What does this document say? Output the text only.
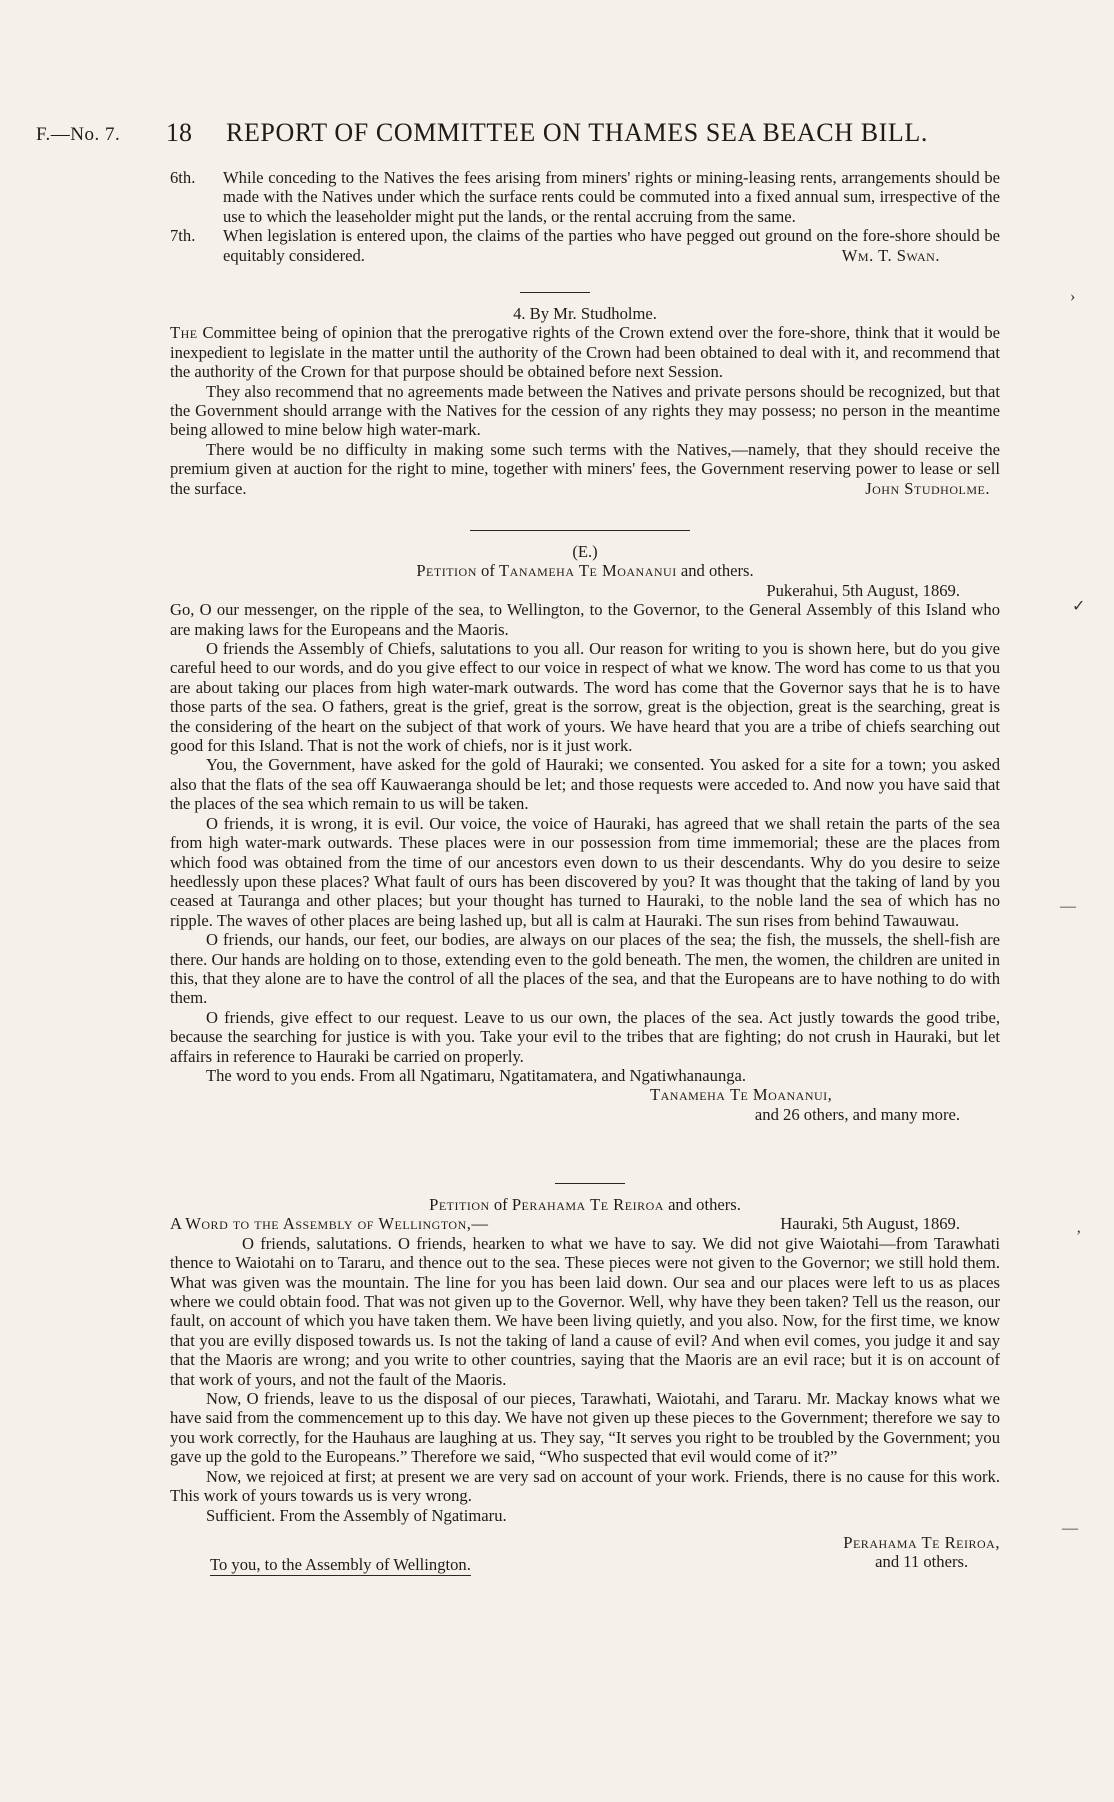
F.—No. 7. 18 REPORT OF COMMITTEE ON THAMES SEA BEACH BILL.

6th. While conceding to the Natives the fees arising from miners' rights or mining-leasing rents, arrangements should be made with the Natives under which the surface rents could be commuted into a fixed annual sum, irrespective of the use to which the leaseholder might put the lands, or the rental accruing from the same.

7th. When legislation is entered upon, the claims of the parties who have pegged out ground on the fore-shore should be equitably considered.	Wm. T. Swan.

4. By Mr. Studholme.

The Committee being of opinion that the prerogative rights of the Crown extend over the fore-shore, think that it would be inexpedient to legislate in the matter until the authority of the Crown had been obtained to deal with it, and recommend that the authority of the Crown for that purpose should be obtained before next Session.

They also recommend that no agreements made between the Natives and private persons should be recognized, but that the Government should arrange with the Natives for the cession of any rights they may possess; no person in the meantime being allowed to mine below high water-mark.

There would be no difficulty in making some such terms with the Natives,—namely, that they should receive the premium given at auction for the right to mine, together with miners' fees, the Government reserving power to lease or sell the surface.	John Studholme.

(E.)

Petition of Tanameha Te Moananui and others.

Pukerahui, 5th August, 1869.

Go, O our messenger, on the ripple of the sea, to Wellington, to the Governor, to the General Assembly of this Island who are making laws for the Europeans and the Maoris.

O friends the Assembly of Chiefs, salutations to you all. Our reason for writing to you is shown here, but do you give careful heed to our words, and do you give effect to our voice in respect of what we know. The word has come to us that you are about taking our places from high water-mark outwards. The word has come that the Governor says that he is to have those parts of the sea. O fathers, great is the grief, great is the sorrow, great is the objection, great is the searching, great is the considering of the heart on the subject of that work of yours. We have heard that you are a tribe of chiefs searching out good for this Island. That is not the work of chiefs, nor is it just work.

You, the Government, have asked for the gold of Hauraki; we consented. You asked for a site for a town; you asked also that the flats of the sea off Kauwaeranga should be let; and those requests were acceded to. And now you have said that the places of the sea which remain to us will be taken.

O friends, it is wrong, it is evil. Our voice, the voice of Hauraki, has agreed that we shall retain the parts of the sea from high water-mark outwards. These places were in our possession from time immemorial; these are the places from which food was obtained from the time of our ancestors even down to us their descendants. Why do you desire to seize heedlessly upon these places? What fault of ours has been discovered by you? It was thought that the taking of land by you ceased at Tauranga and other places; but your thought has turned to Hauraki, to the noble land the sea of which has no ripple. The waves of other places are being lashed up, but all is calm at Hauraki. The sun rises from behind Tawauwau.

O friends, our hands, our feet, our bodies, are always on our places of the sea; the fish, the mussels, the shell-fish are there. Our hands are holding on to those, extending even to the gold beneath. The men, the women, the children are united in this, that they alone are to have the control of all the places of the sea, and that the Europeans are to have nothing to do with them.

O friends, give effect to our request. Leave to us our own, the places of the sea. Act justly towards the good tribe, because the searching for justice is with you. Take your evil to the tribes that are fighting; do not crush in Hauraki, but let affairs in reference to Hauraki be carried on properly.

The word to you ends. From all Ngatimaru, Ngatitamatera, and Ngatiwhanaunga.

Tanameha Te Moananui,

and 26 others, and many more.

Petition of Perahama Te Reiroa and others.

A Word to the Assembly of Wellington,—	Hauraki, 5th August, 1869.

O friends, salutations. O friends, hearken to what we have to say. We did not give Waiotahi—from Tarawhati thence to Waiotahi on to Tararu, and thence out to the sea. These pieces were not given to the Governor; we still hold them. What was given was the mountain. The line for you has been laid down. Our sea and our places were left to us as places where we could obtain food. That was not given up to the Governor. Well, why have they been taken? Tell us the reason, our fault, on account of which you have taken them. We have been living quietly, and you also. Now, for the first time, we know that you are evilly disposed towards us. Is not the taking of land a cause of evil? And when evil comes, you judge it and say that the Maoris are wrong; and you write to other countries, saying that the Maoris are an evil race; but it is on account of that work of yours, and not the fault of the Maoris.

Now, O friends, leave to us the disposal of our pieces, Tarawhati, Waiotahi, and Tararu. Mr. Mackay knows what we have said from the commencement up to this day. We have not given up these pieces to the Government; therefore we say to you work correctly, for the Hauhaus are laughing at us. They say, “It serves you right to be troubled by the Government; you gave up the gold to the Europeans.” Therefore we said, “Who suspected that evil would come of it?”

Now, we rejoiced at first; at present we are very sad on account of your work. Friends, there is no cause for this work. This work of yours towards us is very wrong.

Sufficient. From the Assembly of Ngatimaru.

To you, to the Assembly of Wellington.
Perahama Te Reiroa,
and 11 others.
›
✓
—
’
—
